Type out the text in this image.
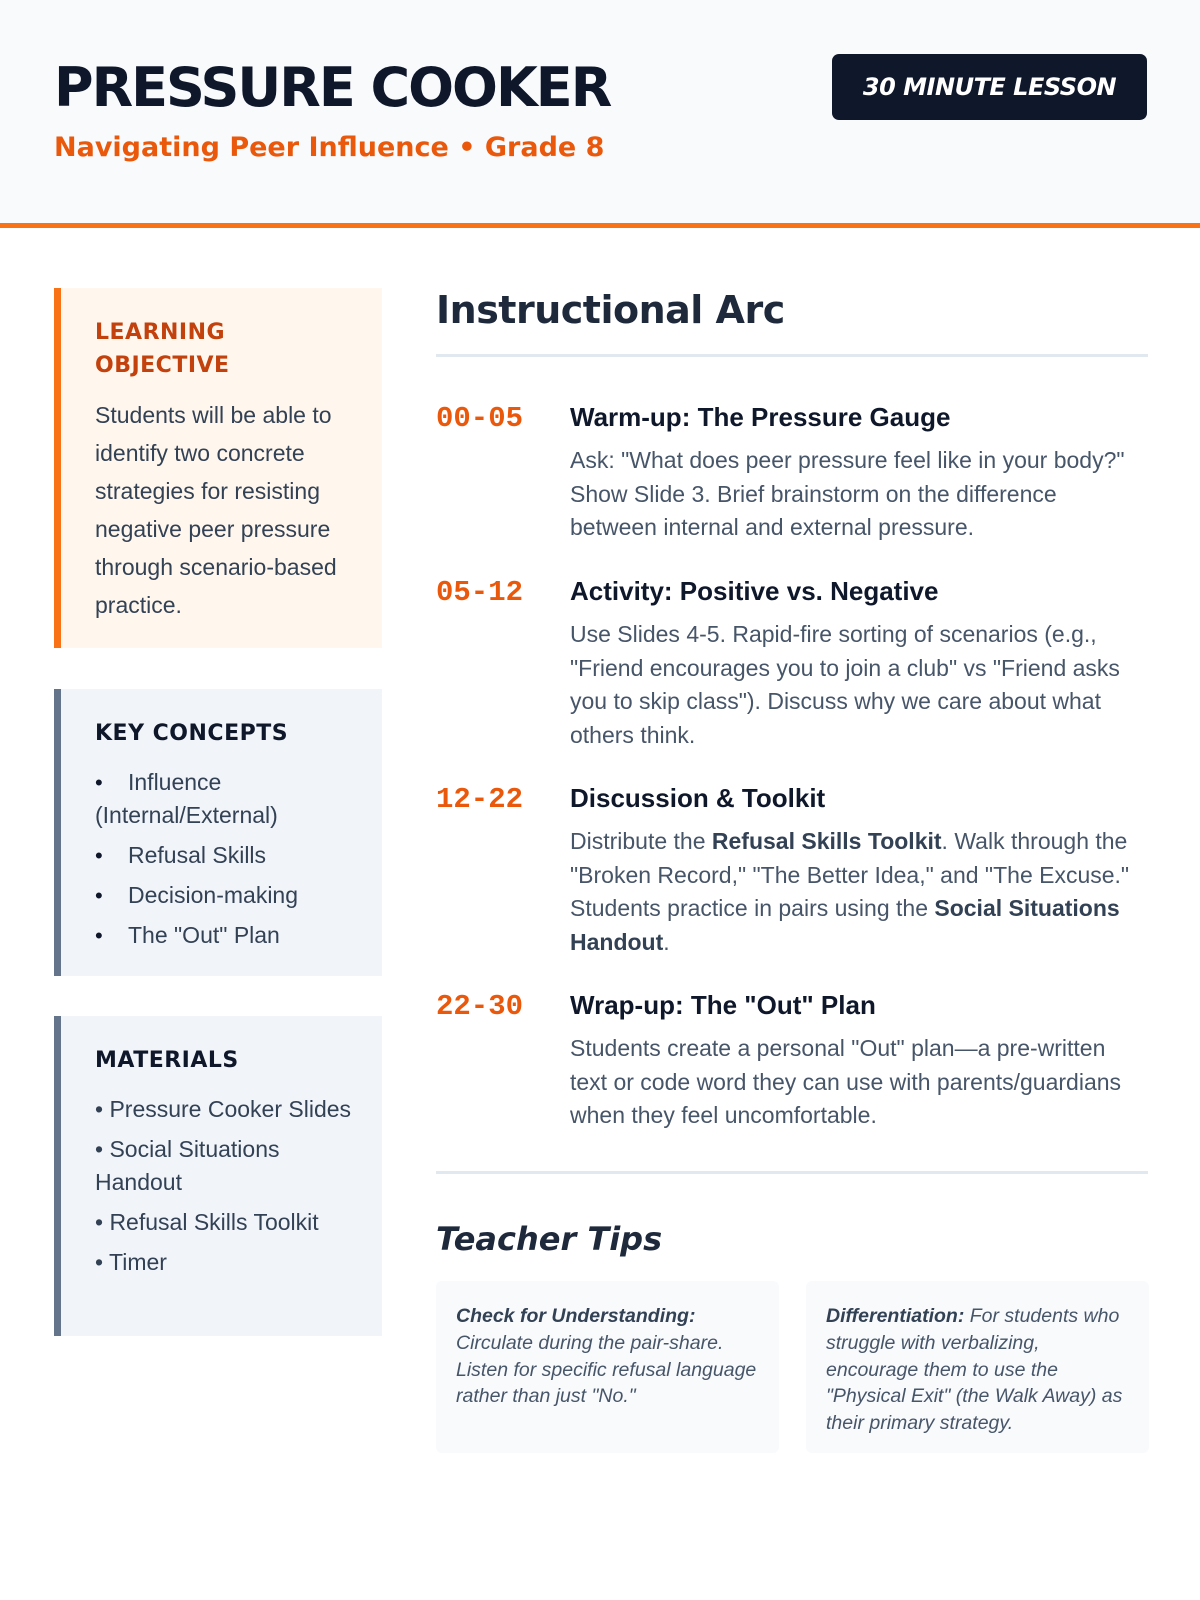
PRESSURE COOKER
Navigating Peer Influence • Grade 8
30 MINUTE LESSON
LEARNING OBJECTIVE
Students will be able to identify two concrete strategies for resisting negative peer pressure through scenario-based practice.
KEY CONCEPTS
• Influence (Internal/External)
• Refusal Skills
• Decision-making
• The "Out" Plan
MATERIALS
• Pressure Cooker Slides
• Social Situations Handout
• Refusal Skills Toolkit
• Timer
Instructional Arc
00-05 Warm-up: The Pressure Gauge
Ask: "What does peer pressure feel like in your body?" Show Slide 3. Brief brainstorm on the difference between internal and external pressure.
05-12 Activity: Positive vs. Negative
Use Slides 4-5. Rapid-fire sorting of scenarios (e.g., "Friend encourages you to join a club" vs "Friend asks you to skip class"). Discuss why we care about what others think.
12-22 Discussion & Toolkit
Distribute the Refusal Skills Toolkit. Walk through the "Broken Record," "The Better Idea," and "The Excuse." Students practice in pairs using the Social Situations Handout.
22-30 Wrap-up: The "Out" Plan
Students create a personal "Out" plan—a pre-written text or code word they can use with parents/guardians when they feel uncomfortable.
Teacher Tips
Check for Understanding: Circulate during the pair-share. Listen for specific refusal language rather than just "No."
Differentiation: For students who struggle with verbalizing, encourage them to use the "Physical Exit" (the Walk Away) as their primary strategy.
